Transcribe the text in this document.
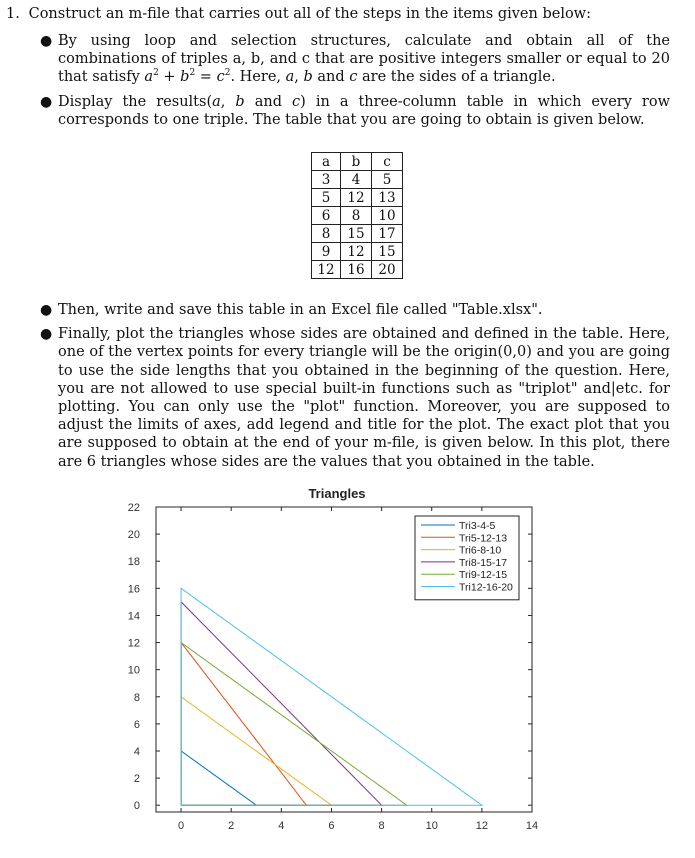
1. Construct an m-file that carries out all of the steps in the items given below:
● By using loop and selection structures, calculate and obtain all of the combinations of triples a, b, and c that are positive integers smaller or equal to 20 that satisfy $a^2 + b^2 = c^2$. Here, a, b and c are the sides of a triangle.
● Display the results(a, b and c) in a three-column table in which every row corresponds to one triple. The table that you are going to obtain is given below.
● Then, write and save this table in an Excel file called "Table.xlsx".
● Finally, plot the triangles whose sides are obtained and defined in the table. Here, one of the vertex points for every triangle will be the origin(0,0) and you are going to use the side lengths that you obtained in the beginning of the question. Here, you are not allowed to use special built-in functions such as "triplot" and|etc. for plotting. You can only use the "plot" function. Moreover, you are supposed to adjust the limits of axes, add legend and title for the plot. The exact plot that you are supposed to obtain at the end of your m-file, is given below. In this plot, there are 6 triangles whose sides are the values that you obtained in the table.
a	b	c
3	4	5
5	12	13
6	8	10
8	15	17
9	12	15
12	16	20
Triangles
0	2	4	6	8	10	12	14
0
2
4
6
8
10
12
14
16
18
20
22
Tri3-4-5
Tri5-12-13
Tri6-8-10
Tri8-15-17
Tri9-12-15
Tri12-16-20
